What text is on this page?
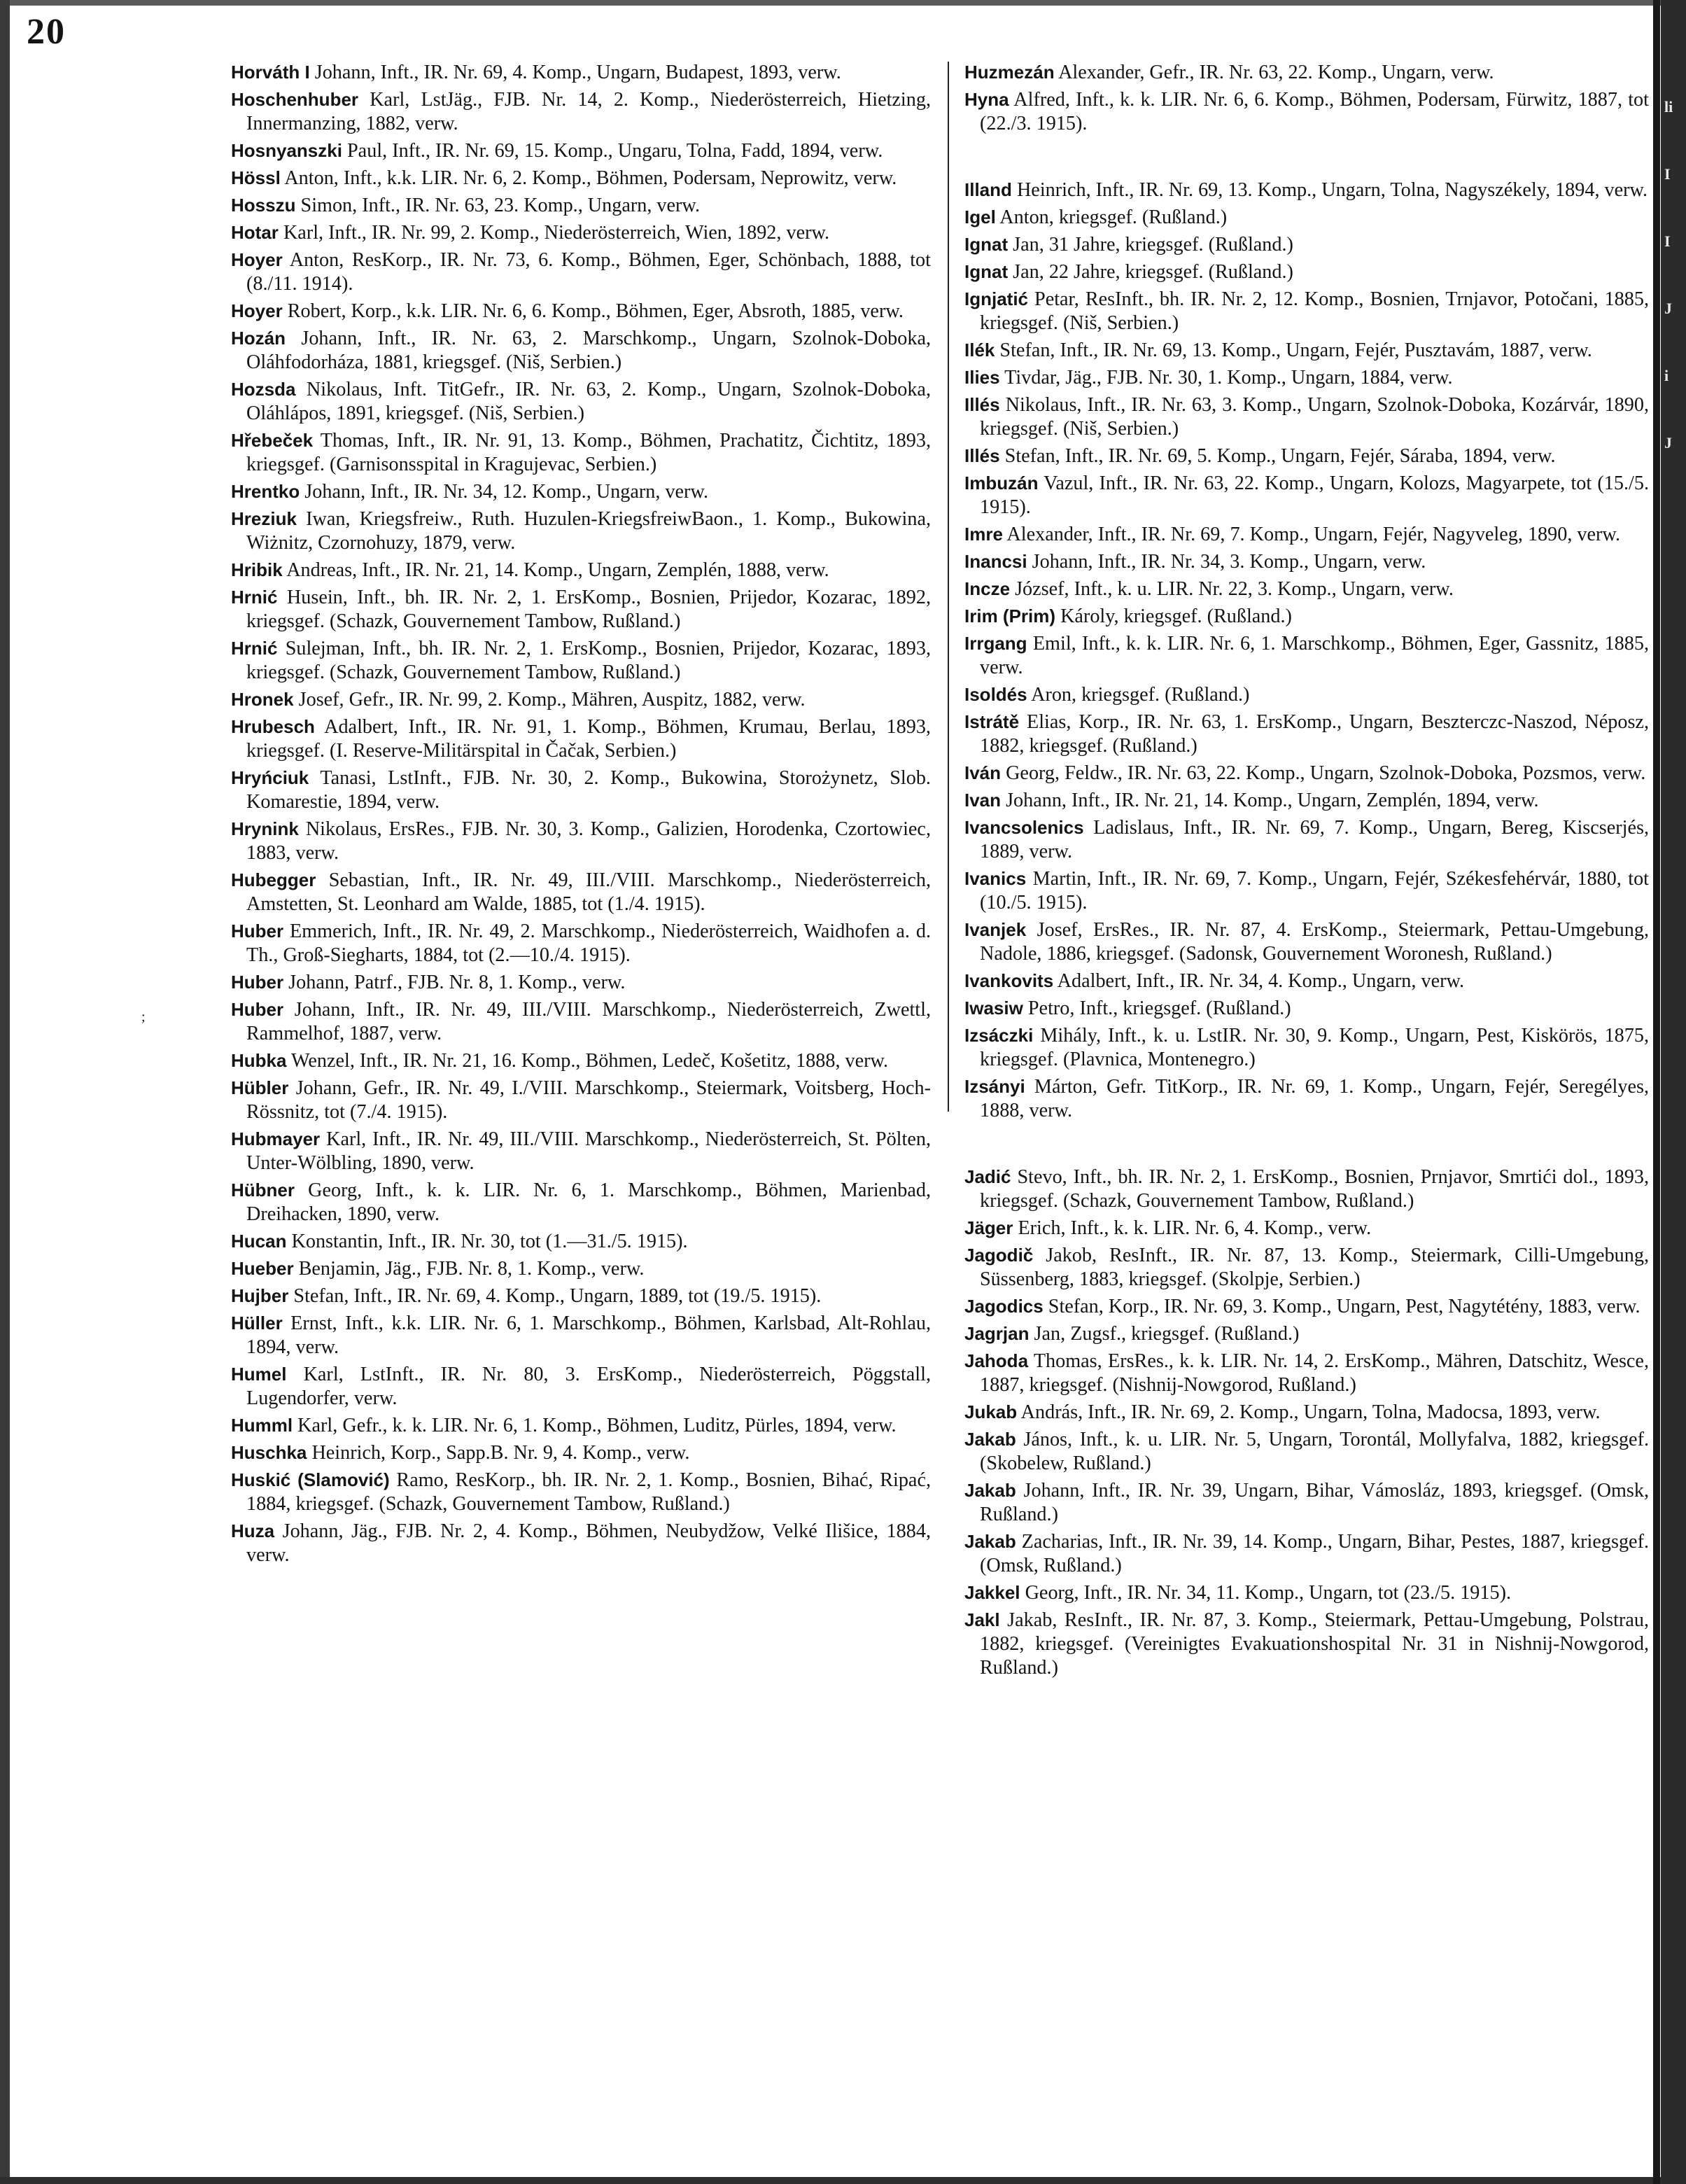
li
I
I
J
i
J
20

Horváth I Johann, Inft., IR. Nr. 69, 4. Komp., Ungarn, Budapest, 1893, verw.

Hoschenhuber Karl, LstJäg., FJB. Nr. 14, 2. Komp., Niederösterreich, Hietzing, Innermanzing, 1882, verw.

Hosnyanszki Paul, Inft., IR. Nr. 69, 15. Komp., Ungaru, Tolna, Fadd, 1894, verw.

Hössl Anton, Inft., k.k. LIR. Nr. 6, 2. Komp., Böhmen, Podersam, Neprowitz, verw.

Hosszu Simon, Inft., IR. Nr. 63, 23. Komp., Ungarn, verw.

Hotar Karl, Inft., IR. Nr. 99, 2. Komp., Niederösterreich, Wien, 1892, verw.

Hoyer Anton, ResKorp., IR. Nr. 73, 6. Komp., Böhmen, Eger, Schönbach, 1888, tot (8./11. 1914).

Hoyer Robert, Korp., k.k. LIR. Nr. 6, 6. Komp., Böhmen, Eger, Absroth, 1885, verw.

Hozán Johann, Inft., IR. Nr. 63, 2. Marschkomp., Ungarn, Szolnok-Doboka, Oláhfodorháza, 1881, kriegsgef. (Niš, Serbien.)

Hozsda Nikolaus, Inft. TitGefr., IR. Nr. 63, 2. Komp., Ungarn, Szolnok-Doboka, Oláhlápos, 1891, kriegsgef. (Niš, Serbien.)

Hřebeček Thomas, Inft., IR. Nr. 91, 13. Komp., Böhmen, Prachatitz, Čichtitz, 1893, kriegsgef. (Garnisonsspital in Kragujevac, Serbien.)

Hrentko Johann, Inft., IR. Nr. 34, 12. Komp., Ungarn, verw.

Hreziuk Iwan, Kriegsfreiw., Ruth. Huzulen-KriegsfreiwBaon., 1. Komp., Bukowina, Wiżnitz, Czornohuzy, 1879, verw.

Hribik Andreas, Inft., IR. Nr. 21, 14. Komp., Ungarn, Zemplén, 1888, verw.

Hrnić Husein, Inft., bh. IR. Nr. 2, 1. ErsKomp., Bosnien, Prijedor, Kozarac, 1892, kriegsgef. (Schazk, Gouvernement Tambow, Rußland.)

Hrnić Sulejman, Inft., bh. IR. Nr. 2, 1. ErsKomp., Bosnien, Prijedor, Kozarac, 1893, kriegsgef. (Schazk, Gouvernement Tambow, Rußland.)

Hronek Josef, Gefr., IR. Nr. 99, 2. Komp., Mähren, Auspitz, 1882, verw.

Hrubesch Adalbert, Inft., IR. Nr. 91, 1. Komp., Böhmen, Krumau, Berlau, 1893, kriegsgef. (I. Reserve-Militärspital in Čačak, Serbien.)

Hryńciuk Tanasi, LstInft., FJB. Nr. 30, 2. Komp., Bukowina, Storożynetz, Slob. Komarestie, 1894, verw.

Hrynink Nikolaus, ErsRes., FJB. Nr. 30, 3. Komp., Galizien, Horodenka, Czortowiec, 1883, verw.

Hubegger Sebastian, Inft., IR. Nr. 49, III./VIII. Marschkomp., Niederösterreich, Amstetten, St. Leonhard am Walde, 1885, tot (1./4. 1915).

Huber Emmerich, Inft., IR. Nr. 49, 2. Marschkomp., Niederösterreich, Waidhofen a. d. Th., Groß-Siegharts, 1884, tot (2.—10./4. 1915).

Huber Johann, Patrf., FJB. Nr. 8, 1. Komp., verw.

Huber Johann, Inft., IR. Nr. 49, III./VIII. Marschkomp., Niederösterreich, Zwettl, Rammelhof, 1887, verw.

Hubka Wenzel, Inft., IR. Nr. 21, 16. Komp., Böhmen, Ledeč, Košetitz, 1888, verw.

Hübler Johann, Gefr., IR. Nr. 49, I./VIII. Marschkomp., Steiermark, Voitsberg, Hoch-Rössnitz, tot (7./4. 1915).

Hubmayer Karl, Inft., IR. Nr. 49, III./VIII. Marschkomp., Niederösterreich, St. Pölten, Unter-Wölbling, 1890, verw.

Hübner Georg, Inft., k. k. LIR. Nr. 6, 1. Marschkomp., Böhmen, Marienbad, Dreihacken, 1890, verw.

Hucan Konstantin, Inft., IR. Nr. 30, tot (1.—31./5. 1915).

Hueber Benjamin, Jäg., FJB. Nr. 8, 1. Komp., verw.

Hujber Stefan, Inft., IR. Nr. 69, 4. Komp., Ungarn, 1889, tot (19./5. 1915).

Hüller Ernst, Inft., k.k. LIR. Nr. 6, 1. Marschkomp., Böhmen, Karlsbad, Alt-Rohlau, 1894, verw.

Humel Karl, LstInft., IR. Nr. 80, 3. ErsKomp., Niederösterreich, Pöggstall, Lugendorfer, verw.

Humml Karl, Gefr., k. k. LIR. Nr. 6, 1. Komp., Böhmen, Luditz, Pürles, 1894, verw.

Huschka Heinrich, Korp., Sapp.B. Nr. 9, 4. Komp., verw.

Huskić (Slamović) Ramo, ResKorp., bh. IR. Nr. 2, 1. Komp., Bosnien, Bihać, Ripać, 1884, kriegsgef. (Schazk, Gouvernement Tambow, Rußland.)

Huza Johann, Jäg., FJB. Nr. 2, 4. Komp., Böhmen, Neubydžow, Velké Ilišice, 1884, verw.

Huzmezán Alexander, Gefr., IR. Nr. 63, 22. Komp., Ungarn, verw.

Hyna Alfred, Inft., k. k. LIR. Nr. 6, 6. Komp., Böhmen, Podersam, Fürwitz, 1887, tot (22./3. 1915).

Illand Heinrich, Inft., IR. Nr. 69, 13. Komp., Ungarn, Tolna, Nagyszékely, 1894, verw.

Igel Anton, kriegsgef. (Rußland.)

Ignat Jan, 31 Jahre, kriegsgef. (Rußland.)

Ignat Jan, 22 Jahre, kriegsgef. (Rußland.)

Ignjatić Petar, ResInft., bh. IR. Nr. 2, 12. Komp., Bosnien, Trnjavor, Potočani, 1885, kriegsgef. (Niš, Serbien.)

Ilék Stefan, Inft., IR. Nr. 69, 13. Komp., Ungarn, Fejér, Pusztavám, 1887, verw.

Ilies Tivdar, Jäg., FJB. Nr. 30, 1. Komp., Ungarn, 1884, verw.

Illés Nikolaus, Inft., IR. Nr. 63, 3. Komp., Ungarn, Szolnok-Doboka, Kozárvár, 1890, kriegsgef. (Niš, Serbien.)

Illés Stefan, Inft., IR. Nr. 69, 5. Komp., Ungarn, Fejér, Sáraba, 1894, verw.

Imbuzán Vazul, Inft., IR. Nr. 63, 22. Komp., Ungarn, Kolozs, Magyarpete, tot (15./5. 1915).

Imre Alexander, Inft., IR. Nr. 69, 7. Komp., Ungarn, Fejér, Nagyveleg, 1890, verw.

Inancsi Johann, Inft., IR. Nr. 34, 3. Komp., Ungarn, verw.

Incze József, Inft., k. u. LIR. Nr. 22, 3. Komp., Ungarn, verw.

Irim (Prim) Károly, kriegsgef. (Rußland.)

Irrgang Emil, Inft., k. k. LIR. Nr. 6, 1. Marschkomp., Böhmen, Eger, Gassnitz, 1885, verw.

Isoldés Aron, kriegsgef. (Rußland.)

Istrátě Elias, Korp., IR. Nr. 63, 1. ErsKomp., Ungarn, Beszterczc-Naszod, Néposz, 1882, kriegsgef. (Rußland.)

Iván Georg, Feldw., IR. Nr. 63, 22. Komp., Ungarn, Szolnok-Doboka, Pozsmos, verw.

Ivan Johann, Inft., IR. Nr. 21, 14. Komp., Ungarn, Zemplén, 1894, verw.

Ivancsolenics Ladislaus, Inft., IR. Nr. 69, 7. Komp., Ungarn, Bereg, Kiscserjés, 1889, verw.

Ivanics Martin, Inft., IR. Nr. 69, 7. Komp., Ungarn, Fejér, Székesfehérvár, 1880, tot (10./5. 1915).

Ivanjek Josef, ErsRes., IR. Nr. 87, 4. ErsKomp., Steiermark, Pettau-Umgebung, Nadole, 1886, kriegsgef. (Sadonsk, Gouvernement Woronesh, Rußland.)

Ivankovits Adalbert, Inft., IR. Nr. 34, 4. Komp., Ungarn, verw.

Iwasiw Petro, Inft., kriegsgef. (Rußland.)

Izsáczki Mihály, Inft., k. u. LstIR. Nr. 30, 9. Komp., Ungarn, Pest, Kiskörös, 1875, kriegsgef. (Plavnica, Montenegro.)

Izsányi Márton, Gefr. TitKorp., IR. Nr. 69, 1. Komp., Ungarn, Fejér, Seregélyes, 1888, verw.

Jadić Stevo, Inft., bh. IR. Nr. 2, 1. ErsKomp., Bosnien, Prnjavor, Smrtići dol., 1893, kriegsgef. (Schazk, Gouvernement Tambow, Rußland.)

Jäger Erich, Inft., k. k. LIR. Nr. 6, 4. Komp., verw.

Jagodič Jakob, ResInft., IR. Nr. 87, 13. Komp., Steiermark, Cilli-Umgebung, Süssenberg, 1883, kriegsgef. (Skolpje, Serbien.)

Jagodics Stefan, Korp., IR. Nr. 69, 3. Komp., Ungarn, Pest, Nagytétény, 1883, verw.

Jagrjan Jan, Zugsf., kriegsgef. (Rußland.)

Jahoda Thomas, ErsRes., k. k. LIR. Nr. 14, 2. ErsKomp., Mähren, Datschitz, Wesce, 1887, kriegsgef. (Nishnij-Nowgorod, Rußland.)

Jukab András, Inft., IR. Nr. 69, 2. Komp., Ungarn, Tolna, Madocsa, 1893, verw.

Jakab János, Inft., k. u. LIR. Nr. 5, Ungarn, Torontál, Mollyfalva, 1882, kriegsgef. (Skobelew, Rußland.)

Jakab Johann, Inft., IR. Nr. 39, Ungarn, Bihar, Vámosláz, 1893, kriegsgef. (Omsk, Rußland.)

Jakab Zacharias, Inft., IR. Nr. 39, 14. Komp., Ungarn, Bihar, Pestes, 1887, kriegsgef. (Omsk, Rußland.)

Jakkel Georg, Inft., IR. Nr. 34, 11. Komp., Ungarn, tot (23./5. 1915).

Jakl Jakab, ResInft., IR. Nr. 87, 3. Komp., Steiermark, Pettau-Umgebung, Polstrau, 1882, kriegsgef. (Vereinigtes Evakuationshospital Nr. 31 in Nishnij-Nowgorod, Rußland.)

;
